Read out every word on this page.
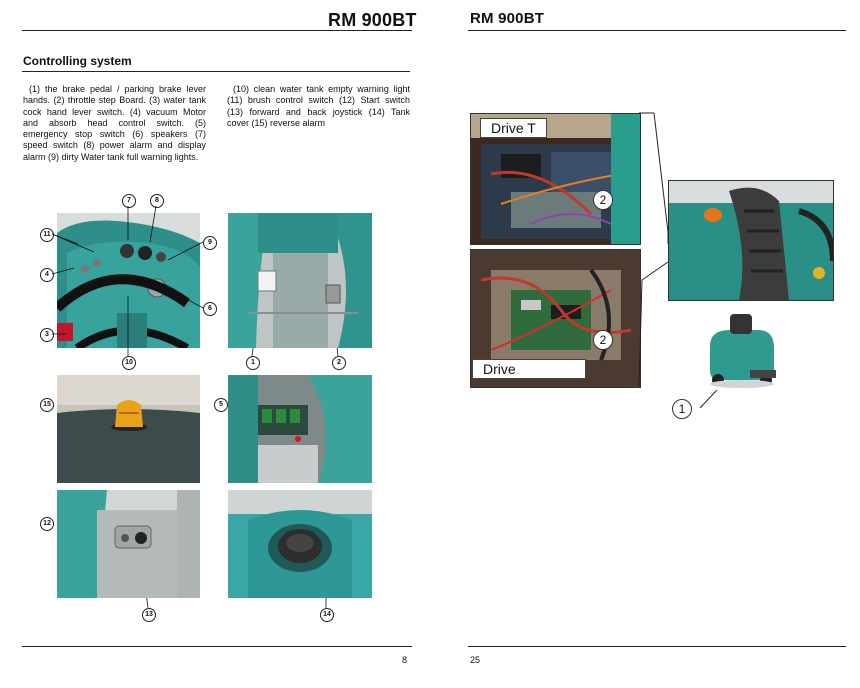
RM 900BT
Controlling system
(1) the brake pedal / parking brake lever hands. (2) throttle step Board. (3) water tank cock hand lever switch. (4) vacuum Motor and absorb head control switch. (5) emergency stop switch (6) speakers (7) speed switch (8) power alarm and display alarm (9) dirty Water tank full warning lights.
(10) clean water tank empty warning light (11) brush control switch (12) Start switch (13) forward and back joystick (14) Tank cover (15) reverse alarm
7	8
11
9
4
6
3
10	1	2
15	5
12
13	14
8
RM 900BT
Drive T
2
2
Drive
1
25
